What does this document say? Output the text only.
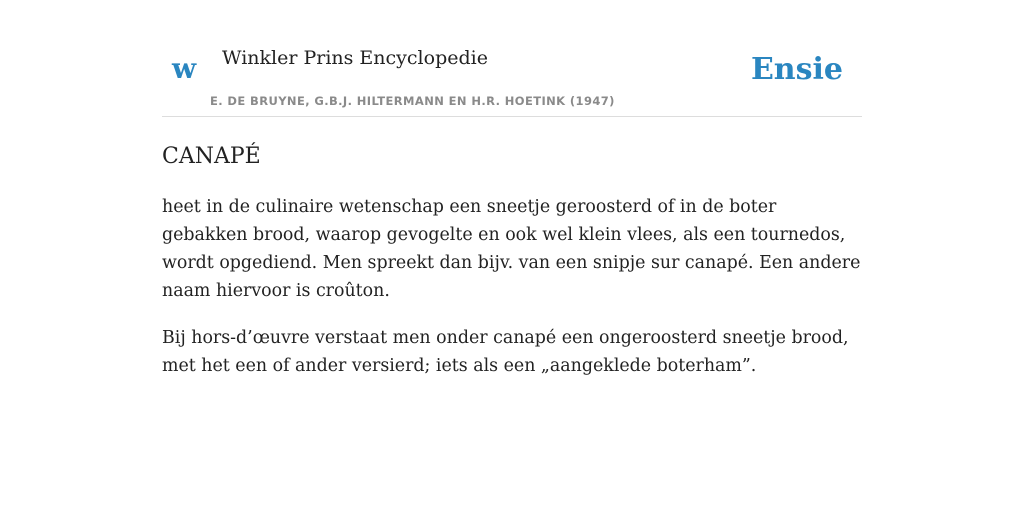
w Winkler Prins Encyclopedie
E. DE BRUYNE, G.B.J. HILTERMANN EN H.R. HOETINK (1947)
Ensie
CANAPÉ

heet in de culinaire wetenschap een sneetje geroosterd of in de boter gebakken brood, waarop gevogelte en ook wel klein vlees, als een tournedos, wordt opgediend. Men spreekt dan bijv. van een snipje sur canapé. Een andere naam hiervoor is croûton.

Bij hors-d’œuvre verstaat men onder canapé een ongeroosterd sneetje brood, met het een of ander versierd; iets als een „aangeklede boterham”.
